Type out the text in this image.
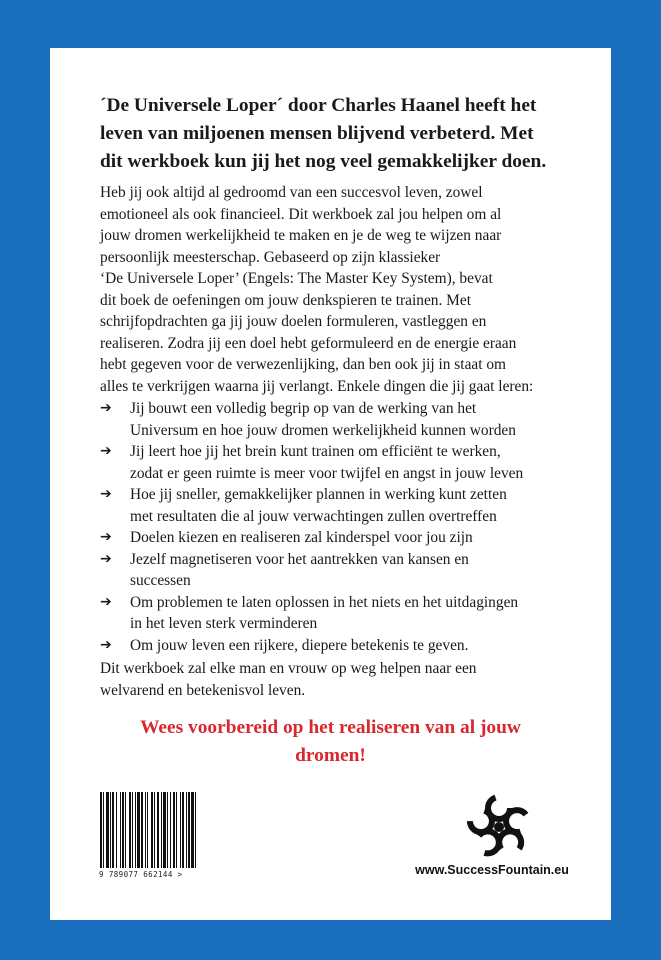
´De Universele Loper´ door Charles Haanel heeft het
leven van miljoenen mensen blijvend verbeterd. Met
dit werkboek kun jij het nog veel gemakkelijker doen.

Heb jij ook altijd al gedroomd van een succesvol leven, zowel
emotioneel als ook financieel. Dit werkboek zal jou helpen om al
jouw dromen werkelijkheid te maken en je de weg te wijzen naar
persoonlijk meesterschap. Gebaseerd op zijn klassieker
‘De Universele Loper’ (Engels: The Master Key System), bevat
dit boek de oefeningen om jouw denkspieren te trainen. Met
schrijfopdrachten ga jij jouw doelen formuleren, vastleggen en
realiseren. Zodra jij een doel hebt geformuleerd en de energie eraan
hebt gegeven voor de verwezenlijking, dan ben ook jij in staat om
alles te verkrijgen waarna jij verlangt. Enkele dingen die jij gaat leren:

➔ Jij bouwt een volledig begrip op van de werking van het
Universum en hoe jouw dromen werkelijkheid kunnen worden
➔ Jij leert hoe jij het brein kunt trainen om efficiënt te werken,
zodat er geen ruimte is meer voor twijfel en angst in jouw leven
➔ Hoe jij sneller, gemakkelijker plannen in werking kunt zetten
met resultaten die al jouw verwachtingen zullen overtreffen
➔ Doelen kiezen en realiseren zal kinderspel voor jou zijn
➔ Jezelf magnetiseren voor het aantrekken van kansen en
successen
➔ Om problemen te laten oplossen in het niets en het uitdagingen
in het leven sterk verminderen
➔ Om jouw leven een rijkere, diepere betekenis te geven.

Dit werkboek zal elke man en vrouw op weg helpen naar een
welvarend en betekenisvol leven.

Wees voorbereid op het realiseren van al jouw
dromen!

9 789077 662144 >	www.SuccessFountain.eu
